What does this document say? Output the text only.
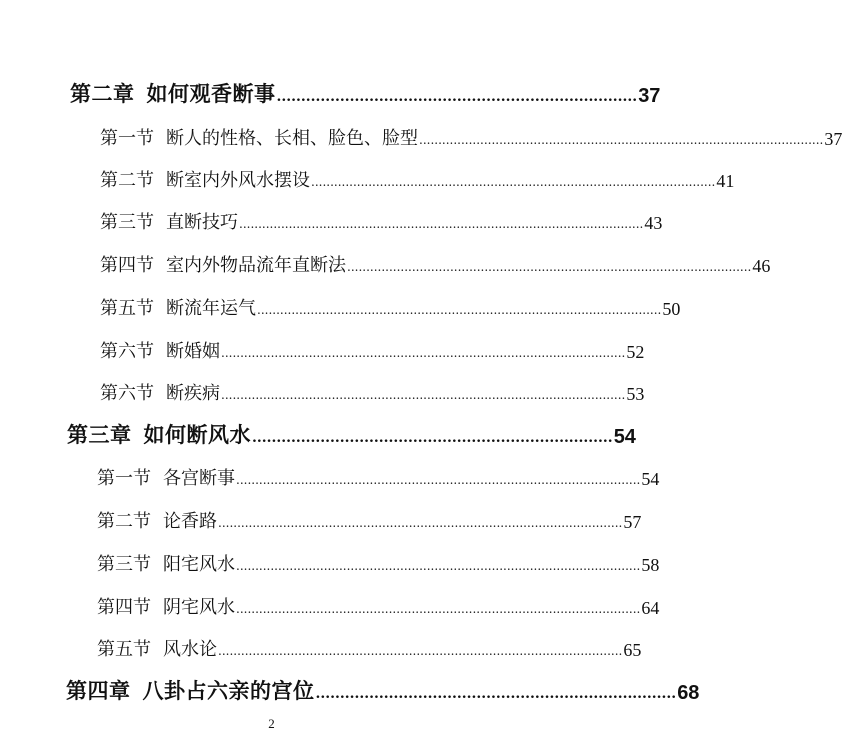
第二章 如何观香断事 .......................................................................... 37
第一节 断人的性格、长相、脸色、脸型 .......................................................................................................... 37
第二节 断室内外风水摆设 .......................................................................................................... 41
第三节 直断技巧 .......................................................................................................... 43
第四节 室内外物品流年直断法 .......................................................................................................... 46
第五节 断流年运气 .......................................................................................................... 50
第六节 断婚姻 .......................................................................................................... 52
第六节 断疾病 .......................................................................................................... 53
第三章 如何断风水 .......................................................................... 54
第一节 各宫断事 .......................................................................................................... 54
第二节 论香路 .......................................................................................................... 57
第三节 阳宅风水 .......................................................................................................... 58
第四节 阴宅风水 .......................................................................................................... 64
第五节 风水论 .......................................................................................................... 65
第四章 八卦占六亲的宫位 .......................................................................... 68
2
